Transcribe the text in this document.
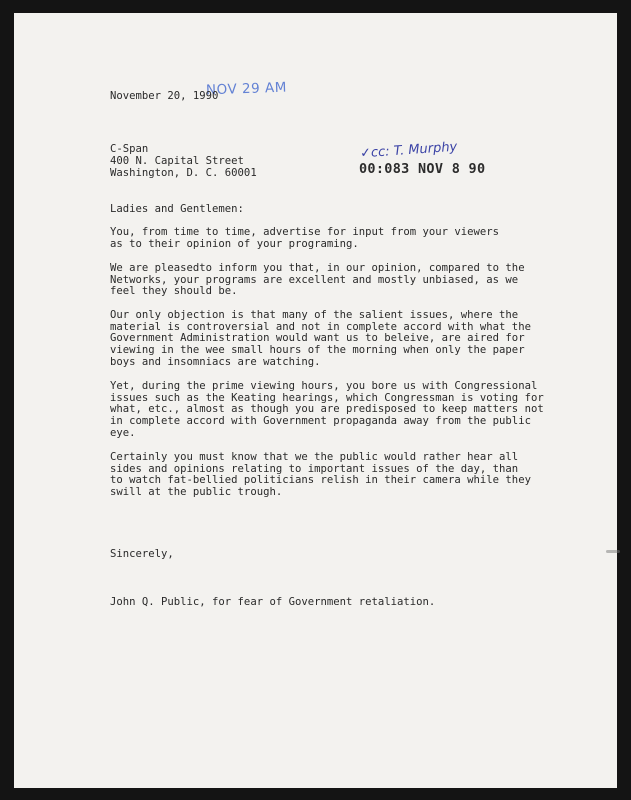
NOV 29 AM

November 20, 1990

✓cc: T. Murphy
00:083 NOV 8 90

C-Span

400 N. Capital Street

Washington, D. C. 60001

Ladies and Gentlemen:

You, from time to time, advertise for input from your viewers
as to their opinion of your programing.

We are pleasedto inform you that, in our opinion, compared to the
Networks, your programs are excellent and mostly unbiased, as we
feel they should be.

Our only objection is that many of the salient issues, where the
material is controversial and not in complete accord with what the
Government Administration would want us to beleive, are aired for
viewing in the wee small hours of the morning when only the paper
boys and insomniacs are watching.

Yet, during the prime viewing hours, you bore us with Congressional
issues such as the Keating hearings, which Congressman is voting for
what, etc., almost as though you are predisposed to keep matters not
in complete accord with Government propaganda away from the public
eye.

Certainly you must know that we the public would rather hear all
sides and opinions relating to important issues of the day, than
to watch fat-bellied politicians relish in their camera while they
swill at the public trough.

Sincerely,

John Q. Public, for fear of Government retaliation.
